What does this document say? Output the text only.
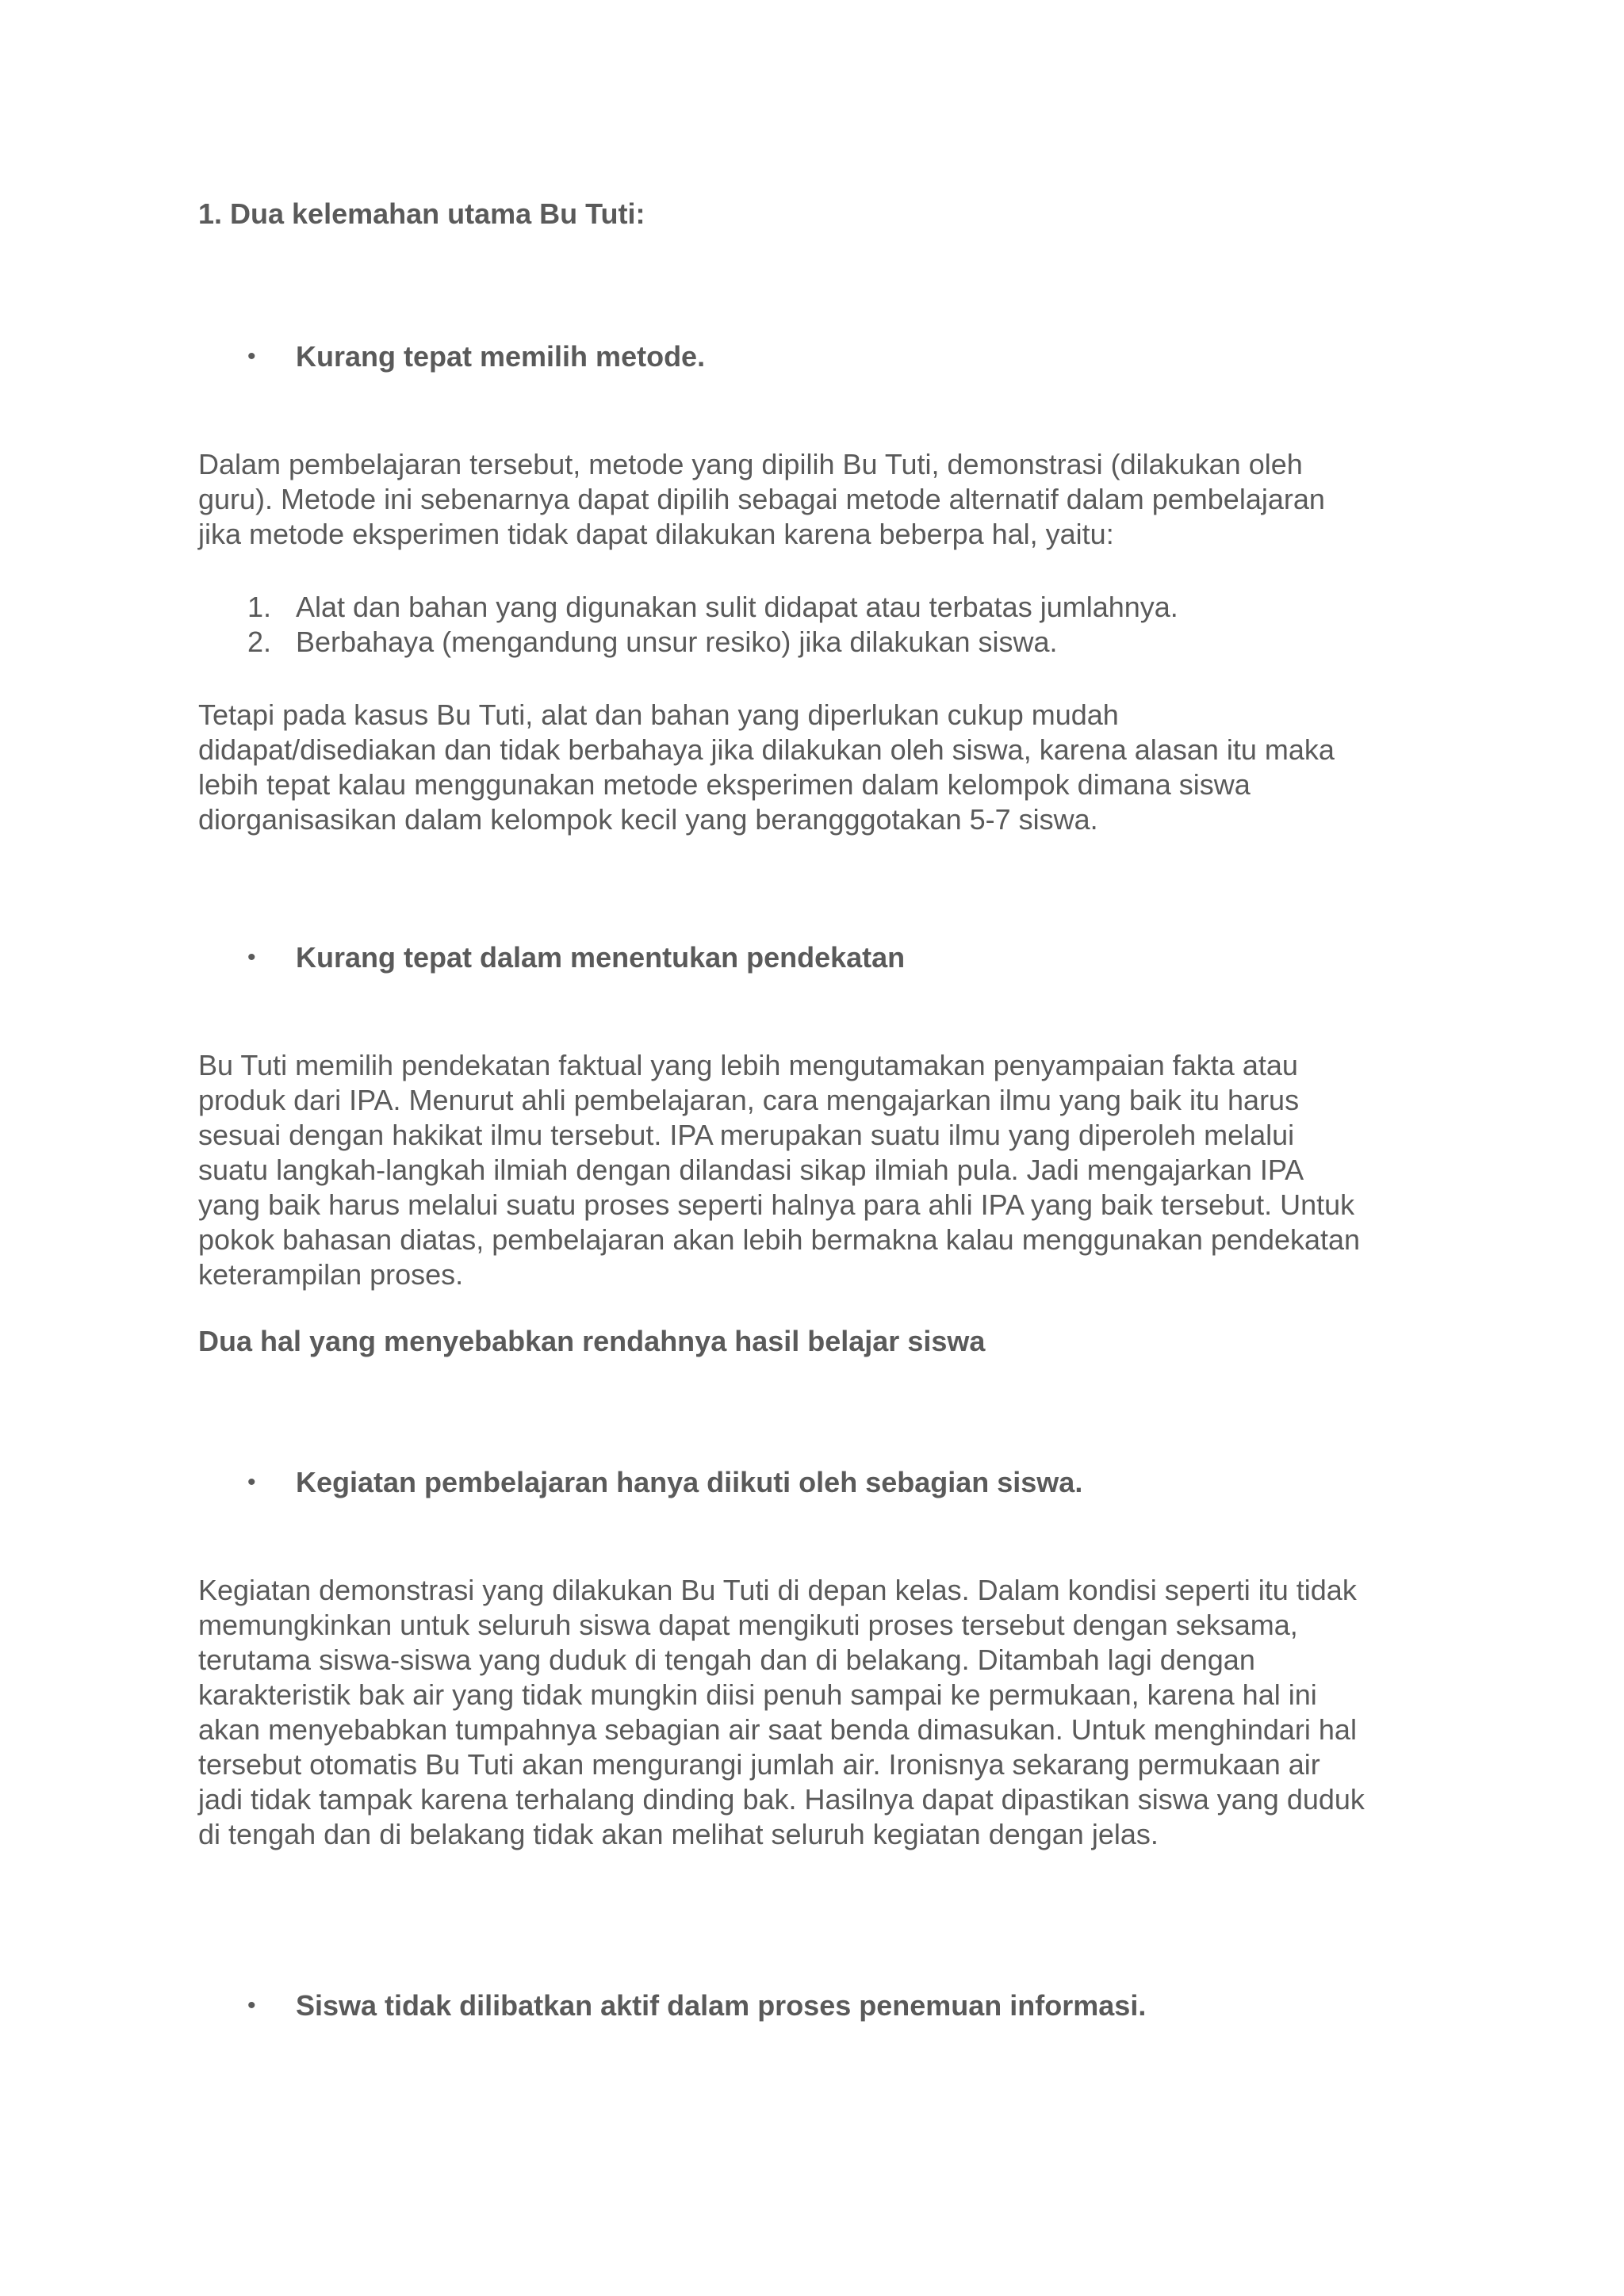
1. Dua kelemahan utama Bu Tuti:
• Kurang tepat memilih metode.
Dalam pembelajaran tersebut, metode yang dipilih Bu Tuti, demonstrasi (dilakukan oleh
guru). Metode ini sebenarnya dapat dipilih sebagai metode alternatif dalam pembelajaran
jika metode eksperimen tidak dapat dilakukan karena beberpa hal, yaitu:
1. Alat dan bahan yang digunakan sulit didapat atau terbatas jumlahnya.
2. Berbahaya (mengandung unsur resiko) jika dilakukan siswa.
Tetapi pada kasus Bu Tuti, alat dan bahan yang diperlukan cukup mudah
didapat/disediakan dan tidak berbahaya jika dilakukan oleh siswa, karena alasan itu maka
lebih tepat kalau menggunakan metode eksperimen dalam kelompok dimana siswa
diorganisasikan dalam kelompok kecil yang berangggotakan 5-7 siswa.
• Kurang tepat dalam menentukan pendekatan
Bu Tuti memilih pendekatan faktual yang lebih mengutamakan penyampaian fakta atau
produk dari IPA. Menurut ahli pembelajaran, cara mengajarkan ilmu yang baik itu harus
sesuai dengan hakikat ilmu tersebut. IPA merupakan suatu ilmu yang diperoleh melalui
suatu langkah-langkah ilmiah dengan dilandasi sikap ilmiah pula. Jadi mengajarkan IPA
yang baik harus melalui suatu proses seperti halnya para ahli IPA yang baik tersebut. Untuk
pokok bahasan diatas, pembelajaran akan lebih bermakna kalau menggunakan pendekatan
keterampilan proses.
Dua hal yang menyebabkan rendahnya hasil belajar siswa
• Kegiatan pembelajaran hanya diikuti oleh sebagian siswa.
Kegiatan demonstrasi yang dilakukan Bu Tuti di depan kelas. Dalam kondisi seperti itu tidak
memungkinkan untuk seluruh siswa dapat mengikuti proses tersebut dengan seksama,
terutama siswa-siswa yang duduk di tengah dan di belakang. Ditambah lagi dengan
karakteristik bak air yang tidak mungkin diisi penuh sampai ke permukaan, karena hal ini
akan menyebabkan tumpahnya sebagian air saat benda dimasukan. Untuk menghindari hal
tersebut otomatis Bu Tuti akan mengurangi jumlah air. Ironisnya sekarang permukaan air
jadi tidak tampak karena terhalang dinding bak. Hasilnya dapat dipastikan siswa yang duduk
di tengah dan di belakang tidak akan melihat seluruh kegiatan dengan jelas.
• Siswa tidak dilibatkan aktif dalam proses penemuan informasi.
